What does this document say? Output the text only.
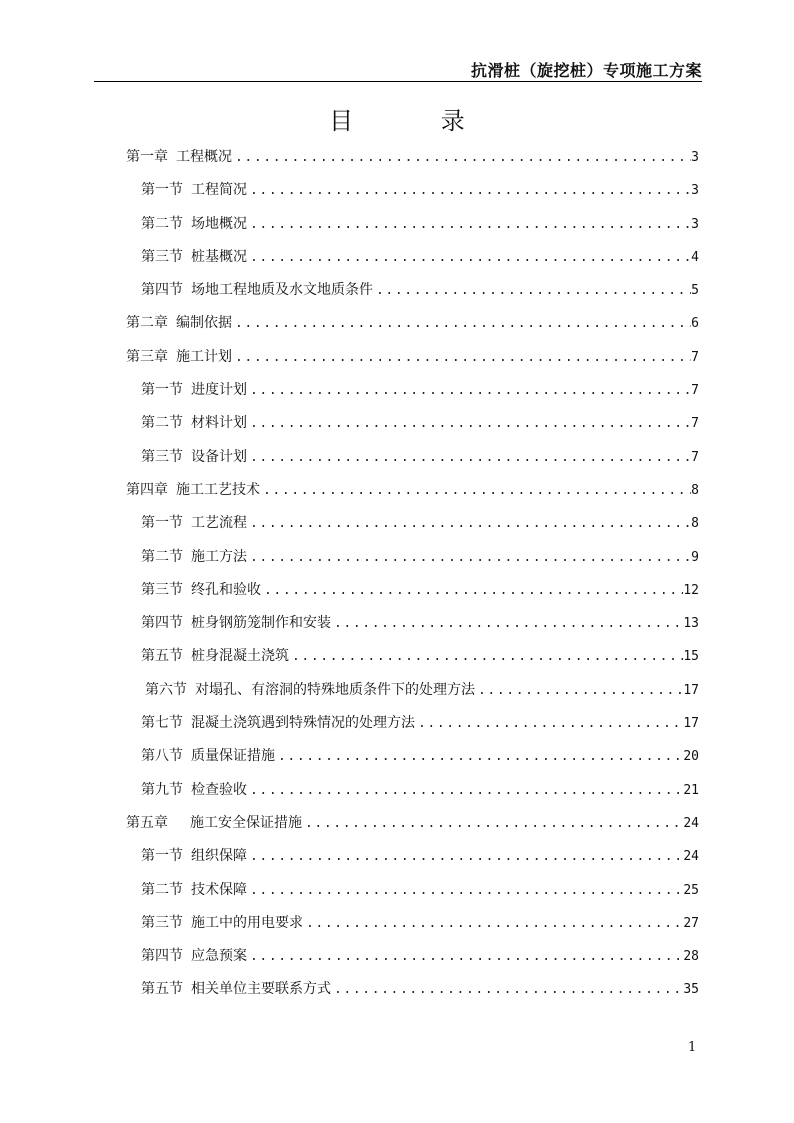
抗滑桩（旋挖桩）专项施工方案
目 录
第一章 工程概况 .....	3
第一节 工程简况 .....	3
第二节 场地概况 .....	3
第三节 桩基概况 .....	4
第四节 场地工程地质及水文地质条件 .....	5
第二章 编制依据 .....	6
第三章 施工计划 .....	7
第一节 进度计划 .....	7
第二节 材料计划 .....	7
第三节 设备计划 .....	7
第四章 施工工艺技术 .....	8
第一节 工艺流程 .....	8
第二节 施工方法 .....	9
第三节 终孔和验收 .....	12
第四节 桩身钢筋笼制作和安装 .....	13
第五节 桩身混凝土浇筑 .....	15
第六节 对塌孔、有溶洞的特殊地质条件下的处理方法 .....	17
第七节 混凝土浇筑遇到特殊情况的处理方法 .....	17
第八节 质量保证措施 .....	20
第九节 检查验收 .....	21
第五章 施工安全保证措施 .....	24
第一节 组织保障 .....	24
第二节 技术保障 .....	25
第三节 施工中的用电要求 .....	27
第四节 应急预案 .....	28
第五节 相关单位主要联系方式 .....	35
1
